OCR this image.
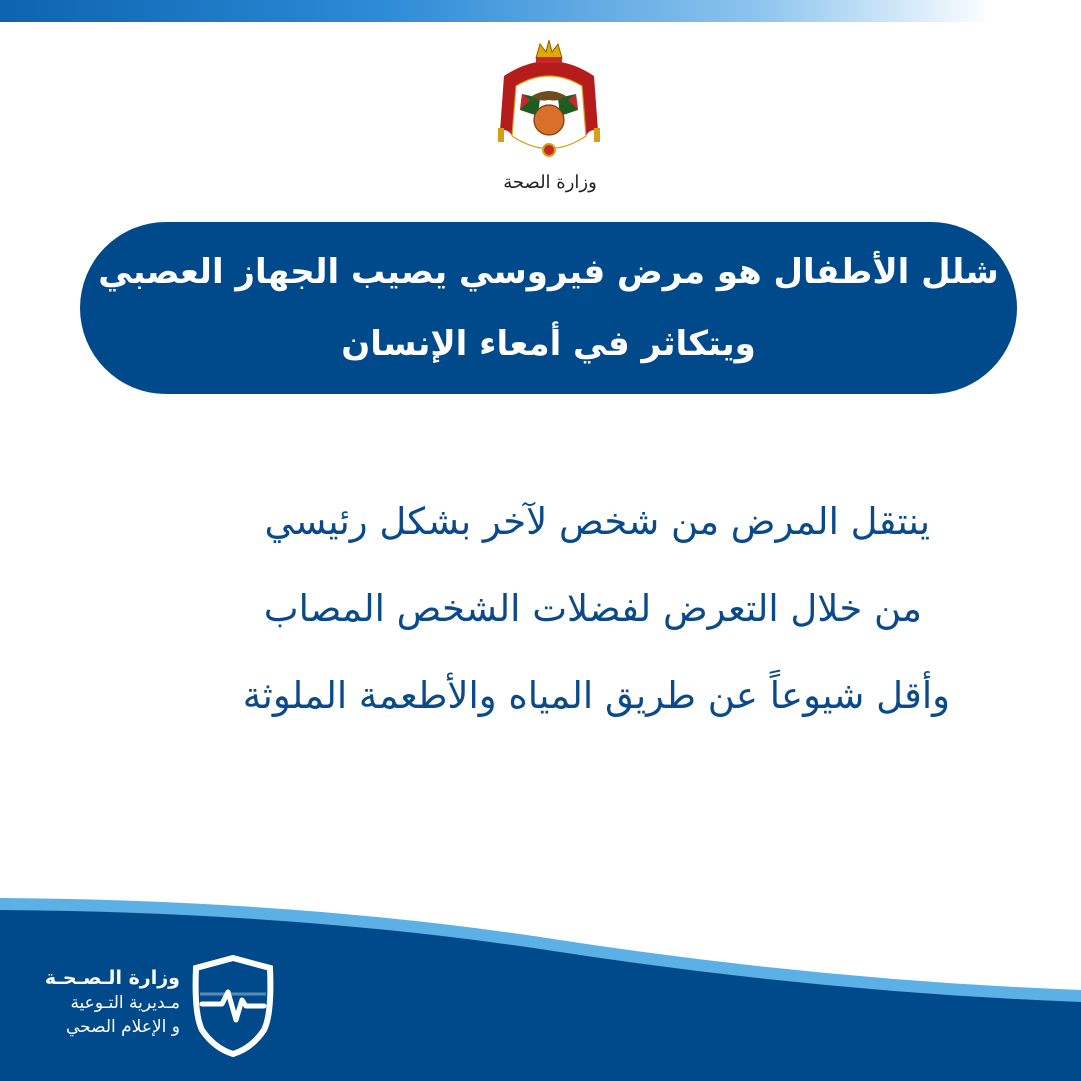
وزارة الصحة
شلل الأطفال هو مرض فيروسي يصيب الجهاز العصبي
ويتكاثر في أمعاء الإنسان
ينتقل المرض من شخص لآخر بشكل رئيسي
من خلال التعرض لفضلات الشخص المصاب
وأقل شيوعاً عن طريق المياه والأطعمة الملوثة
وزارة الـصـحـة
مـديرية التـوعية
و الإعلام الصحي
